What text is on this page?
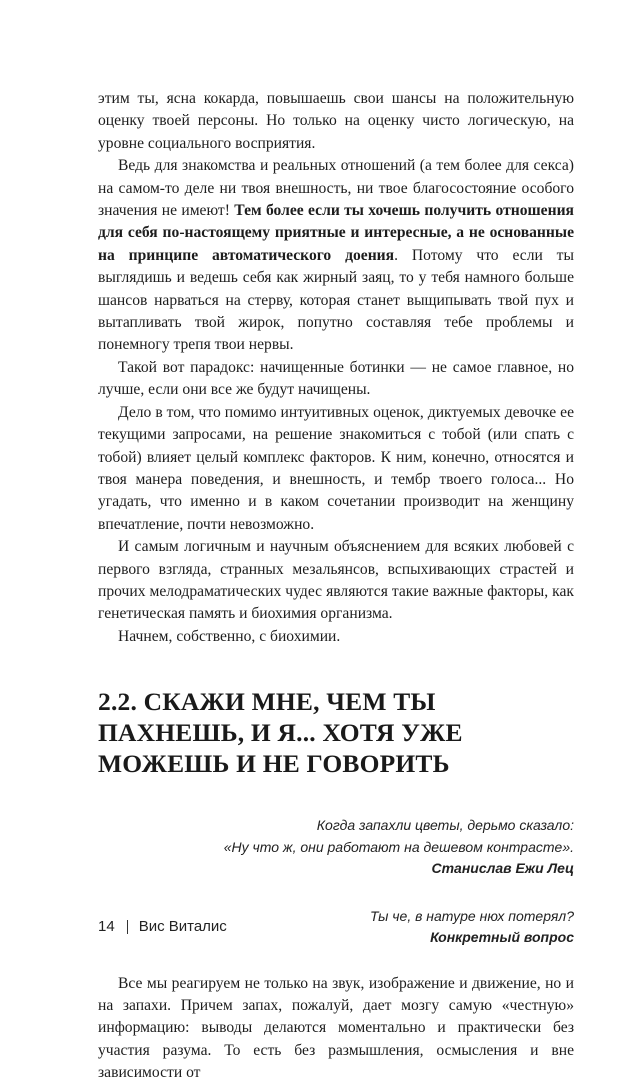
этим ты, ясна кокарда, повышаешь свои шансы на положительную оценку твоей персоны. Но только на оценку чисто логическую, на уровне социального восприятия.

Ведь для знакомства и реальных отношений (а тем более для секса) на самом-то деле ни твоя внешность, ни твое благосостояние особого значения не имеют! Тем более если ты хочешь получить отношения для себя по-настоящему приятные и интересные, а не основанные на принципе автоматического доения. Потому что если ты выглядишь и ведешь себя как жирный заяц, то у тебя намного больше шансов нарваться на стерву, которая станет выщипывать твой пух и вытапливать твой жирок, попутно составляя тебе проблемы и понемногу трепя твои нервы.

Такой вот парадокс: начищенные ботинки — не самое главное, но лучше, если они все же будут начищены.

Дело в том, что помимо интуитивных оценок, диктуемых девочке ее текущими запросами, на решение знакомиться с тобой (или спать с тобой) влияет целый комплекс факторов. К ним, конечно, относятся и твоя манера поведения, и внешность, и тембр твоего голоса... Но угадать, что именно и в каком сочетании производит на женщину впечатление, почти невозможно.

И самым логичным и научным объяснением для всяких любовей с первого взгляда, странных мезальянсов, вспыхивающих страстей и прочих мелодраматических чудес являются такие важные факторы, как генетическая память и биохимия организма.

Начнем, собственно, с биохимии.

2.2. СКАЖИ МНЕ, ЧЕМ ТЫ ПАХНЕШЬ, И Я... ХОТЯ УЖЕ МОЖЕШЬ И НЕ ГОВОРИТЬ
Когда запахли цветы, дерьмо сказало:
«Ну что ж, они работают на дешевом контрасте».
Станислав Ежи Лец
Ты че, в натуре нюх потерял?
Конкретный вопрос

Все мы реагируем не только на звук, изображение и движение, но и на запахи. Причем запах, пожалуй, дает мозгу самую «честную» информацию: выводы делаются моментально и практически без участия разума. То есть без размышления, осмысления и вне зависимости от

14 Вис Виталис
